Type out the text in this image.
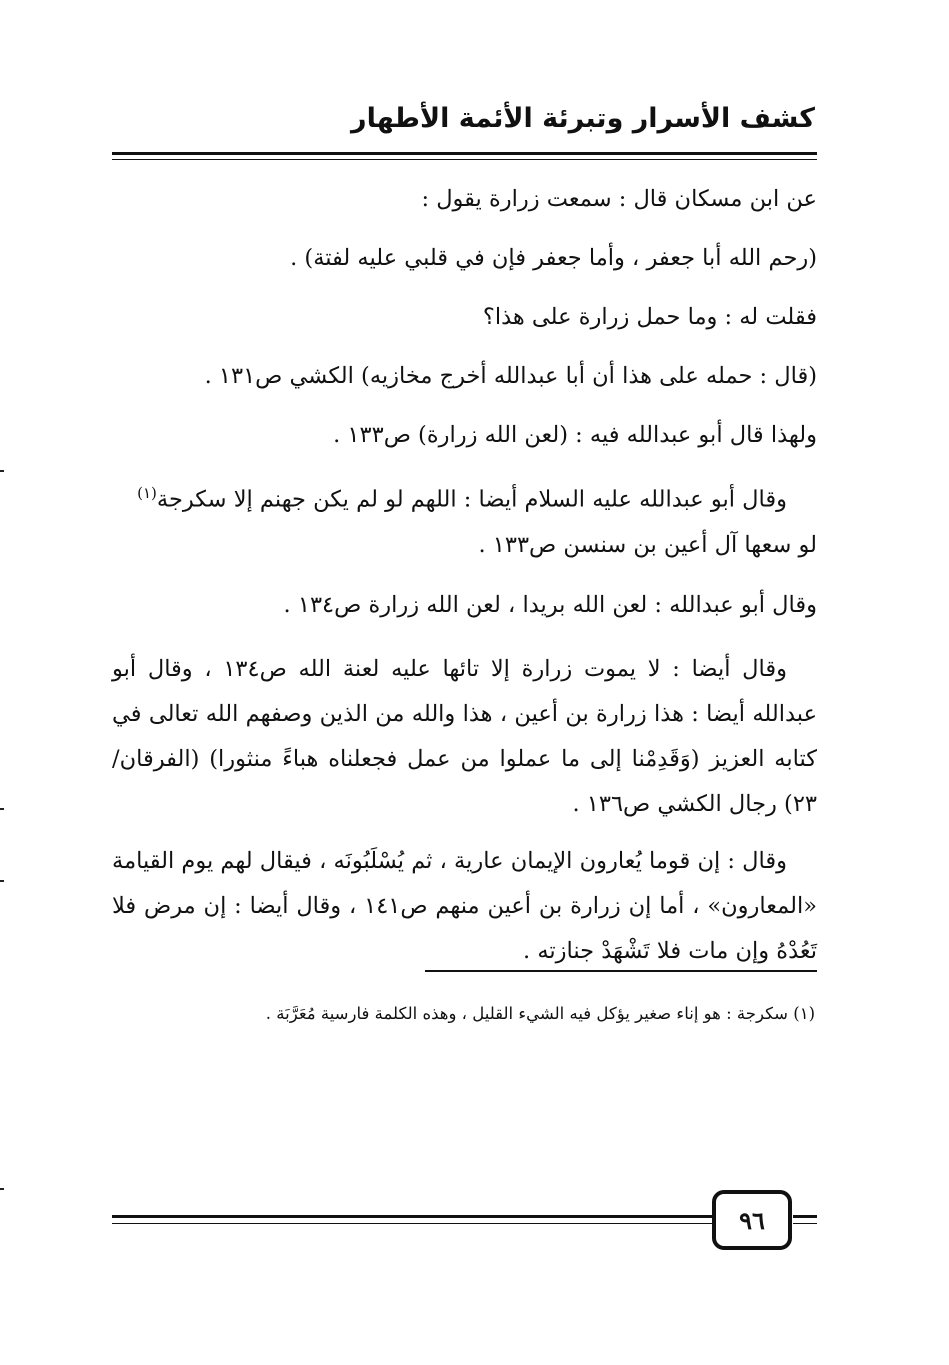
كشف الأسرار وتبرئة الأئمة الأطهار

عن ابن مسكان قال : سمعت زرارة يقول :

(رحم الله أبا جعفر ، وأما جعفر فإن في قلبي عليه لفتة) .

فقلت له : وما حمل زرارة على هذا؟

(قال : حمله على هذا أن أبا عبدالله أخرج مخازيه) الكشي ص١٣١ .

ولهذا قال أبو عبدالله فيه : (لعن الله زرارة) ص١٣٣ .

وقال أبو عبدالله عليه السلام أيضا : اللهم لو لم يكن جهنم إلا سكرجة$^{(١)}$
لو سعها آل أعين بن سنسن ص١٣٣ .

وقال أبو عبدالله : لعن الله بريدا ، لعن الله زرارة ص١٣٤ .

وقال أيضا : لا يموت زرارة إلا تائها عليه لعنة الله ص١٣٤ ، وقال أبو عبدالله أيضا : هذا زرارة بن أعين ، هذا والله من الذين وصفهم الله تعالى في كتابه العزيز (وَقَدِمْنا إلى ما عملوا من عمل فجعلناه هباءً منثورا) (الفرقان/٢٣) رجال الكشي ص١٣٦ .

وقال : إن قوما يُعارون الإيمان عارية ، ثم يُسْلَبُونَه ، فيقال لهم يوم القيامة «المعارون» ، أما إن زرارة بن أعين منهم ص١٤١ ، وقال أيضا : إن مرض فلا تَعُدْهُ وإن مات فلا تَشْهَدْ جنازته .

(١) سكرجة : هو إناء صغير يؤكل فيه الشيء القليل ، وهذه الكلمة فارسية مُعَرَّبَة .
٩٦
